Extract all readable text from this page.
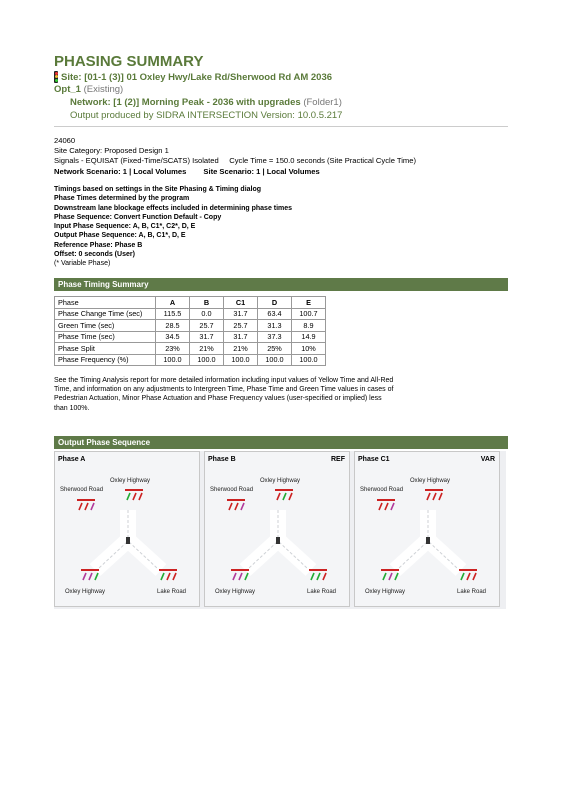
PHASING SUMMARY
Site: [01-1 (3)] 01 Oxley Hwy/Lake Rd/Sherwood Rd AM 2036
Opt_1 (Existing)
Network: [1 (2)] Morning Peak - 2036 with upgrades (Folder1)
Output produced by SIDRA INTERSECTION Version: 10.0.5.217
24060
Site Category: Proposed Design 1
Signals - EQUISAT (Fixed-Time/SCATS) Isolated     Cycle Time = 150.0 seconds (Site Practical Cycle Time)
Network Scenario: 1 | Local Volumes Site Scenario: 1 | Local Volumes
Timings based on settings in the Site Phasing & Timing dialog
Phase Times determined by the program
Downstream lane blockage effects included in determining phase times
Phase Sequence: Convert Function Default - Copy
Input Phase Sequence: A, B, C1*, C2*, D, E
Output Phase Sequence: A, B, C1*, D, E
Reference Phase: Phase B
Offset: 0 seconds (User)
(* Variable Phase)
Phase Timing Summary
Phase	A	B	C1	D	E
Phase Change Time (sec)	115.5	0.0	31.7	63.4	100.7
Green Time (sec)	28.5	25.7	25.7	31.3	8.9
Phase Time (sec)	34.5	31.7	31.7	37.3	14.9
Phase Split	23%	21%	21%	25%	10%
Phase Frequency (%)	100.0	100.0	100.0	100.0	100.0
See the Timing Analysis report for more detailed information including input values of Yellow Time and All-Red Time, and information on any adjustments to Intergreen Time, Phase Time and Green Time values in cases of Pedestrian Actuation, Minor Phase Actuation and Phase Frequency values (user-specified or implied) less than 100%.
Output Phase Sequence
Phase A
Oxley Highway
Sherwood Road
Oxley Highway	Lake Road
Phase B	REF
Oxley Highway
Sherwood Road
Oxley Highway	Lake Road
Phase C1	VAR
Oxley Highway
Sherwood Road
Oxley Highway	Lake Road
